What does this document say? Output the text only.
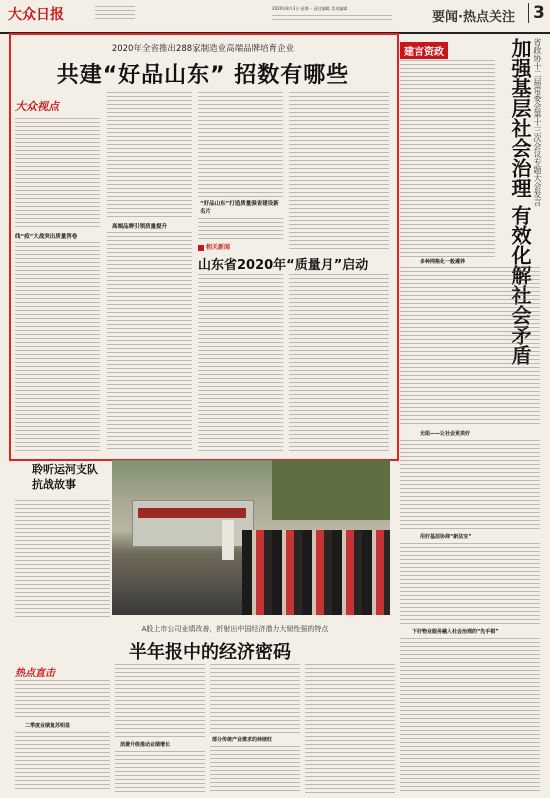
大众日报	2020年8月3日 星期一 责任编辑 美术编辑
要闻·热点关注 3
2020年全省推出288家制造业高端品牌培育企业
共建“好品山东” 招数有哪些
大众视点
线“疫”大战突出质量答卷
高端品牌引领质量提升
“好品山东”打造质量强省建设新名片
相关新闻
山东省2020年“质量月”启动
建言资政	加强基层社会治理 有效化解社会矛盾 省政协十二届常委会第十三次会议专题大会发言
多种网格化一般遵养
无组——让社会更美好
用好基层协商“新法宝”
下好物业服务融入社会治理的“先手棋”
聆听运河支队 抗战故事
A股上市公司业绩改善，折射出中国经济潜力大韧性强的特点
半年报中的经济密码
热点直击
二季度业绩复苏明显
消费升级推动业绩增长
部分传统产业需求的持续旺
